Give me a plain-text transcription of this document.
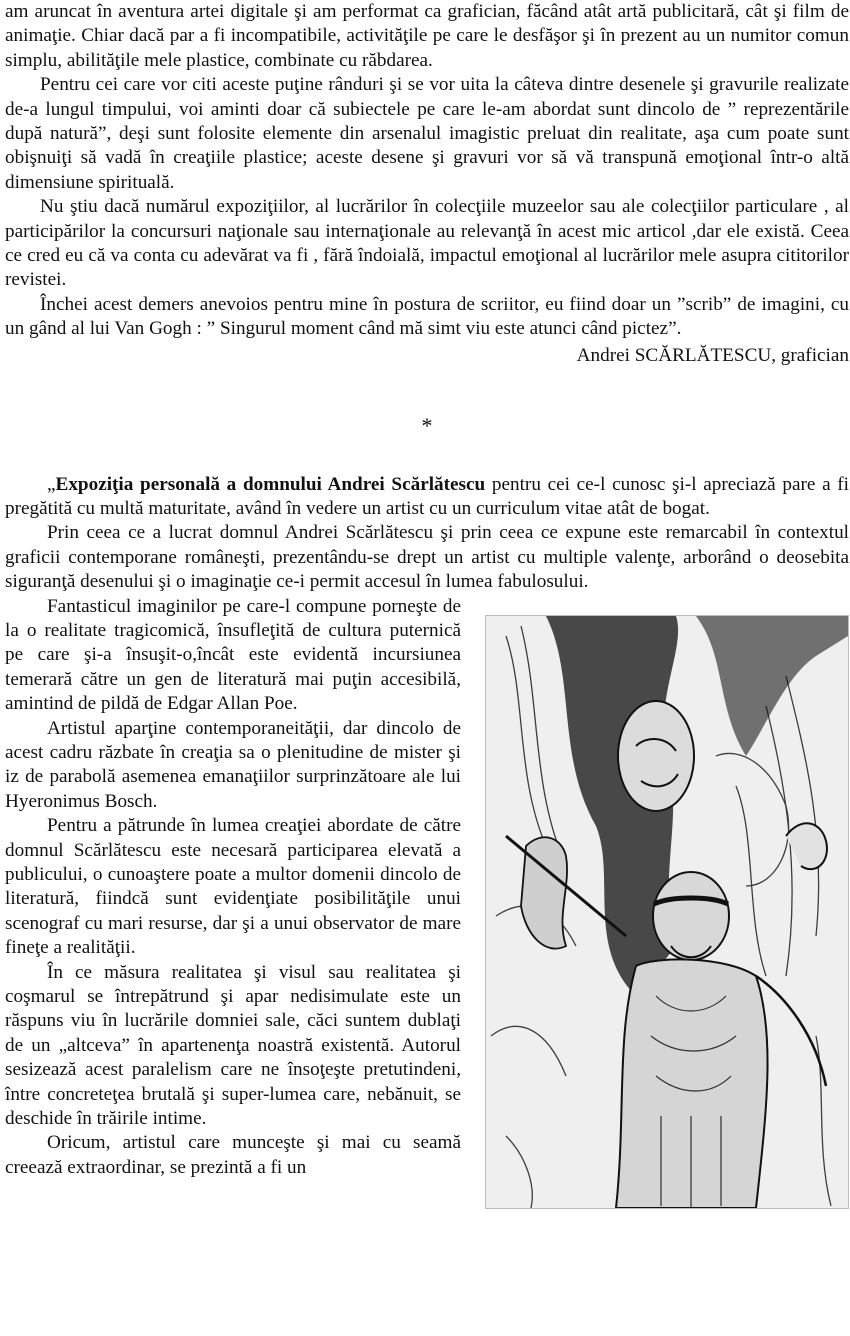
am aruncat în aventura artei digitale şi am performat ca grafician, făcând atât artă publicitară, cât şi film de animaţie. Chiar dacă par a fi incompatibile, activităţile pe care le desfăşor şi în prezent au un numitor comun simplu, abilităţile mele plastice, combinate cu răbdarea.

Pentru cei care vor citi aceste puţine rânduri şi se vor uita la câteva dintre desenele şi gravurile realizate de-a lungul timpului, voi aminti doar că subiectele pe care le-am abordat sunt dincolo de ” reprezentările după natură”, deşi sunt folosite elemente din arsenalul imagistic preluat din realitate, aşa cum poate sunt obişnuiţi să vadă în creaţiile plastice; aceste desene şi gravuri vor să vă transpună emoţional într-o altă dimensiune spirituală.

Nu ştiu dacă numărul expoziţiilor, al lucrărilor în colecţiile muzeelor sau ale colecţiilor particulare , al participărilor la concursuri naţionale sau internaţionale au relevanţă în acest mic articol ,dar ele există. Ceea ce cred eu că va conta cu adevărat va fi , fără îndoială, impactul emoţional al lucrărilor mele asupra cititorilor revistei.

Închei acest demers anevoios pentru mine în postura de scriitor, eu fiind doar un ”scrib” de imagini, cu un gând al lui Van Gogh : ” Singurul moment când mă simt viu este atunci când pictez”.

Andrei SCĂRLĂTESCU, grafician

*

„Expoziţia personală a domnului Andrei Scărlătescu pentru cei ce-l cunosc şi-l apreciază pare a fi pregătită cu multă maturitate, având în vedere un artist cu un curriculum vitae atât de bogat.

Prin ceea ce a lucrat domnul Andrei Scărlătescu şi prin ceea ce expune este remarcabil în contextul graficii contemporane româneşti, prezentându-se drept un artist cu multiple valenţe, arborând o deosebita siguranţă desenului şi o imaginaţie ce-i permit accesul în lumea fabulosului.

Fantasticul imaginilor pe care-l compune porneşte de la o realitate tragicomică, însufleţită de cultura puternică pe care şi-a însuşit-o,încât este evidentă incursiunea temerară către un gen de literatură mai puţin accesibilă, amintind de pildă de Edgar Allan Poe.

Artistul aparţine contemporaneităţii, dar dincolo de acest cadru răzbate în creaţia sa o plenitudine de mister şi iz de parabolă asemenea emanaţiilor surprinzătoare ale lui Hyeronimus Bosch.

Pentru a pătrunde în lumea creaţiei abordate de către domnul Scărlătescu este necesară participarea elevată a publicului, o cunoaştere poate a multor domenii dincolo de literatură, fiindcă sunt evidenţiate posibilităţile unui scenograf cu mari resurse, dar şi a unui observator de mare fineţe a realităţii.

În ce măsura realitatea şi visul sau realitatea şi coşmarul se întrepătrund şi apar nedisimulate este un răspuns viu în lucrările domniei sale, căci suntem dublaţi de un „altceva” în apartenenţa noastră existentă. Autorul sesizează acest paralelism care ne însoţeşte pretutindeni, între concreteţea brutală şi super-lumea care, nebănuit, se deschide în trăirile intime.

Oricum, artistul care munceşte şi mai cu seamă creează extraordinar, se prezintă a fi un
